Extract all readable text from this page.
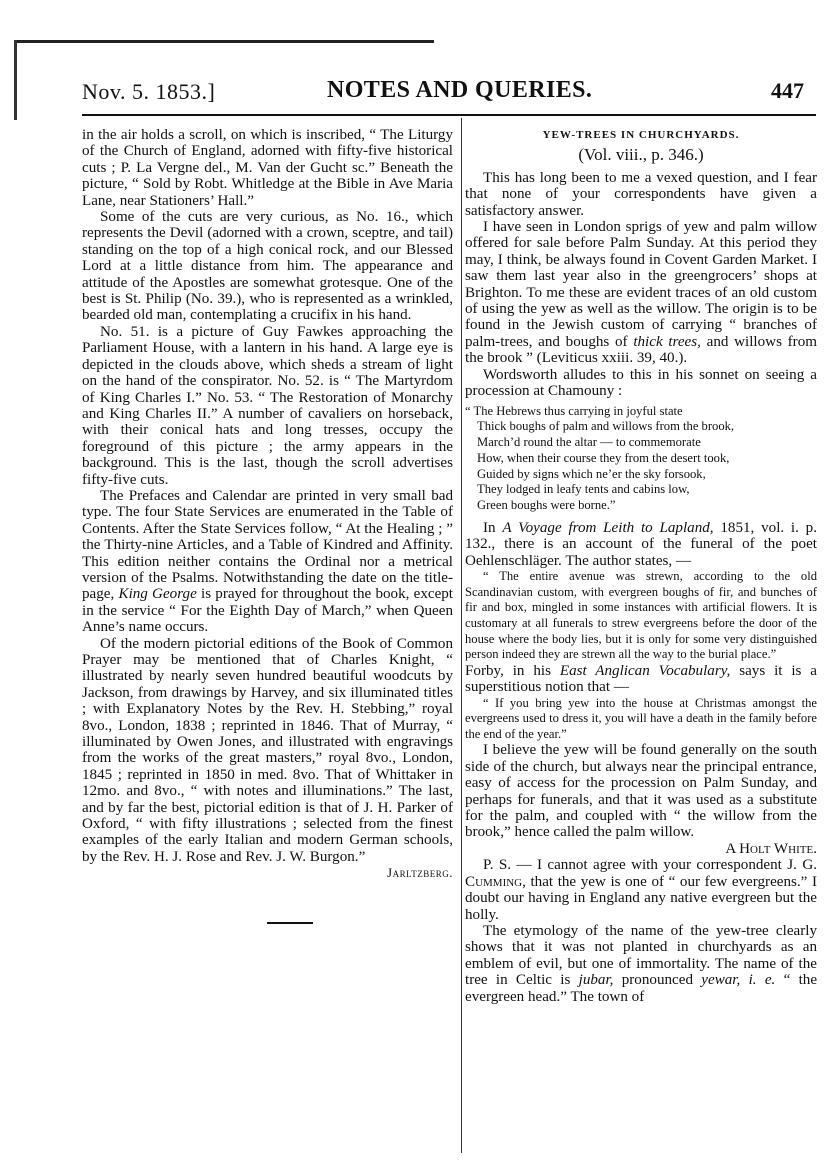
Nov. 5. 1853.]	NOTES AND QUERIES.	447

in the air holds a scroll, on which is inscribed, “ The Liturgy of the Church of England, adorned with fifty-five historical cuts ; P. La Vergne del., M. Van der Gucht sc.” Beneath the picture, “ Sold by Robt. Whitledge at the Bible in Ave Maria Lane, near Stationers’ Hall.”

Some of the cuts are very curious, as No. 16., which represents the Devil (adorned with a crown, sceptre, and tail) standing on the top of a high conical rock, and our Blessed Lord at a little distance from him. The appearance and attitude of the Apostles are somewhat grotesque. One of the best is St. Philip (No. 39.), who is represented as a wrinkled, bearded old man, contemplating a crucifix in his hand.

No. 51. is a picture of Guy Fawkes approaching the Parliament House, with a lantern in his hand. A large eye is depicted in the clouds above, which sheds a stream of light on the hand of the conspirator. No. 52. is “ The Martyrdom of King Charles I.” No. 53. “ The Restoration of Monarchy and King Charles II.” A number of cavaliers on horseback, with their conical hats and long tresses, occupy the foreground of this picture ; the army appears in the background. This is the last, though the scroll advertises fifty-five cuts.

The Prefaces and Calendar are printed in very small bad type. The four State Services are enumerated in the Table of Contents. After the State Services follow, “ At the Healing ; ” the Thirty-nine Articles, and a Table of Kindred and Affinity. This edition neither contains the Ordinal nor a metrical version of the Psalms. Notwithstanding the date on the title-page, King George is prayed for throughout the book, except in the service “ For the Eighth Day of March,” when Queen Anne’s name occurs.

Of the modern pictorial editions of the Book of Common Prayer may be mentioned that of Charles Knight, “ illustrated by nearly seven hundred beautiful woodcuts by Jackson, from drawings by Harvey, and six illuminated titles ; with Explanatory Notes by the Rev. H. Stebbing,” royal 8vo., London, 1838 ; reprinted in 1846. That of Murray, “ illuminated by Owen Jones, and illustrated with engravings from the works of the great masters,” royal 8vo., London, 1845 ; reprinted in 1850 in med. 8vo. That of Whittaker in 12mo. and 8vo., “ with notes and illuminations.” The last, and by far the best, pictorial edition is that of J. H. Parker of Oxford, “ with fifty illustrations ; selected from the finest examples of the early Italian and modern German schools, by the Rev. H. J. Rose and Rev. J. W. Burgon.”

Jarltzberg.

YEW-TREES IN CHURCHYARDS.
(Vol. viii., p. 346.)

This has long been to me a vexed question, and I fear that none of your correspondents have given a satisfactory answer.

I have seen in London sprigs of yew and palm willow offered for sale before Palm Sunday. At this period they may, I think, be always found in Covent Garden Market. I saw them last year also in the greengrocers’ shops at Brighton. To me these are evident traces of an old custom of using the yew as well as the willow. The origin is to be found in the Jewish custom of carrying “ branches of palm-trees, and boughs of thick trees, and willows from the brook ” (Leviticus xxiii. 39, 40.).

Wordsworth alludes to this in his sonnet on seeing a procession at Chamouny :

“ The Hebrews thus carrying in joyful state
Thick boughs of palm and willows from the brook,
March’d round the altar — to commemorate
How, when their course they from the desert took,
Guided by signs which ne’er the sky forsook,
They lodged in leafy tents and cabins low,
Green boughs were borne.”

In A Voyage from Leith to Lapland, 1851, vol. i. p. 132., there is an account of the funeral of the poet Oehlenschläger. The author states, —

“ The entire avenue was strewn, according to the old Scandinavian custom, with evergreen boughs of fir, and bunches of fir and box, mingled in some instances with artificial flowers. It is customary at all funerals to strew evergreens before the door of the house where the body lies, but it is only for some very distinguished person indeed they are strewn all the way to the burial place.”

Forby, in his East Anglican Vocabulary, says it is a superstitious notion that —

“ If you bring yew into the house at Christmas amongst the evergreens used to dress it, you will have a death in the family before the end of the year.”

I believe the yew will be found generally on the south side of the church, but always near the principal entrance, easy of access for the procession on Palm Sunday, and perhaps for funerals, and that it was used as a substitute for the palm, and coupled with “ the willow from the brook,” hence called the palm willow.

A Holt White.

P. S. — I cannot agree with your correspondent J. G. Cumming, that the yew is one of “ our few evergreens.” I doubt our having in England any native evergreen but the holly.

The etymology of the name of the yew-tree clearly shows that it was not planted in churchyards as an emblem of evil, but one of immortality. The name of the tree in Celtic is jubar, pronounced yewar, i. e. “ the evergreen head.” The town of
